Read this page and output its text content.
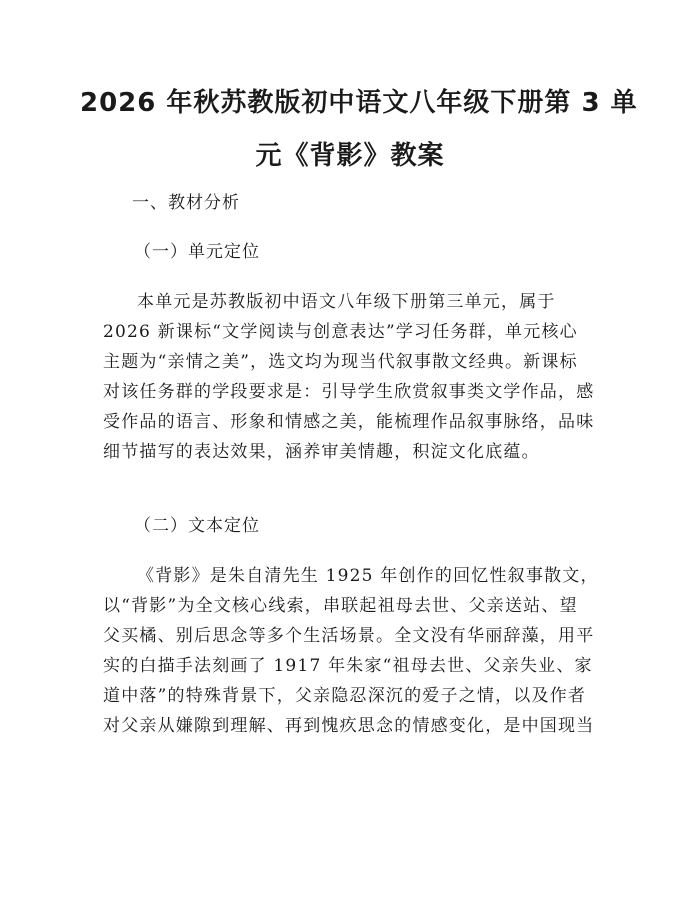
2026 年秋苏教版初中语文八年级下册第 3 单
元《背影》教案
一、教材分析
（一）单元定位
本单元是苏教版初中语文八年级下册第三单元，属于
2026 新课标“文学阅读与创意表达”学习任务群，单元核心
主题为“亲情之美”，选文均为现当代叙事散文经典。新课标
对该任务群的学段要求是：引导学生欣赏叙事类文学作品，感
受作品的语言、形象和情感之美，能梳理作品叙事脉络，品味
细节描写的表达效果，涵养审美情趣，积淀文化底蕴。
（二）文本定位
《背影》是朱自清先生 1925 年创作的回忆性叙事散文，
以“背影”为全文核心线索，串联起祖母去世、父亲送站、望
父买橘、别后思念等多个生活场景。全文没有华丽辞藻，用平
实的白描手法刻画了 1917 年朱家“祖母去世、父亲失业、家
道中落”的特殊背景下，父亲隐忍深沉的爱子之情，以及作者
对父亲从嫌隙到理解、再到愧疚思念的情感变化，是中国现当
